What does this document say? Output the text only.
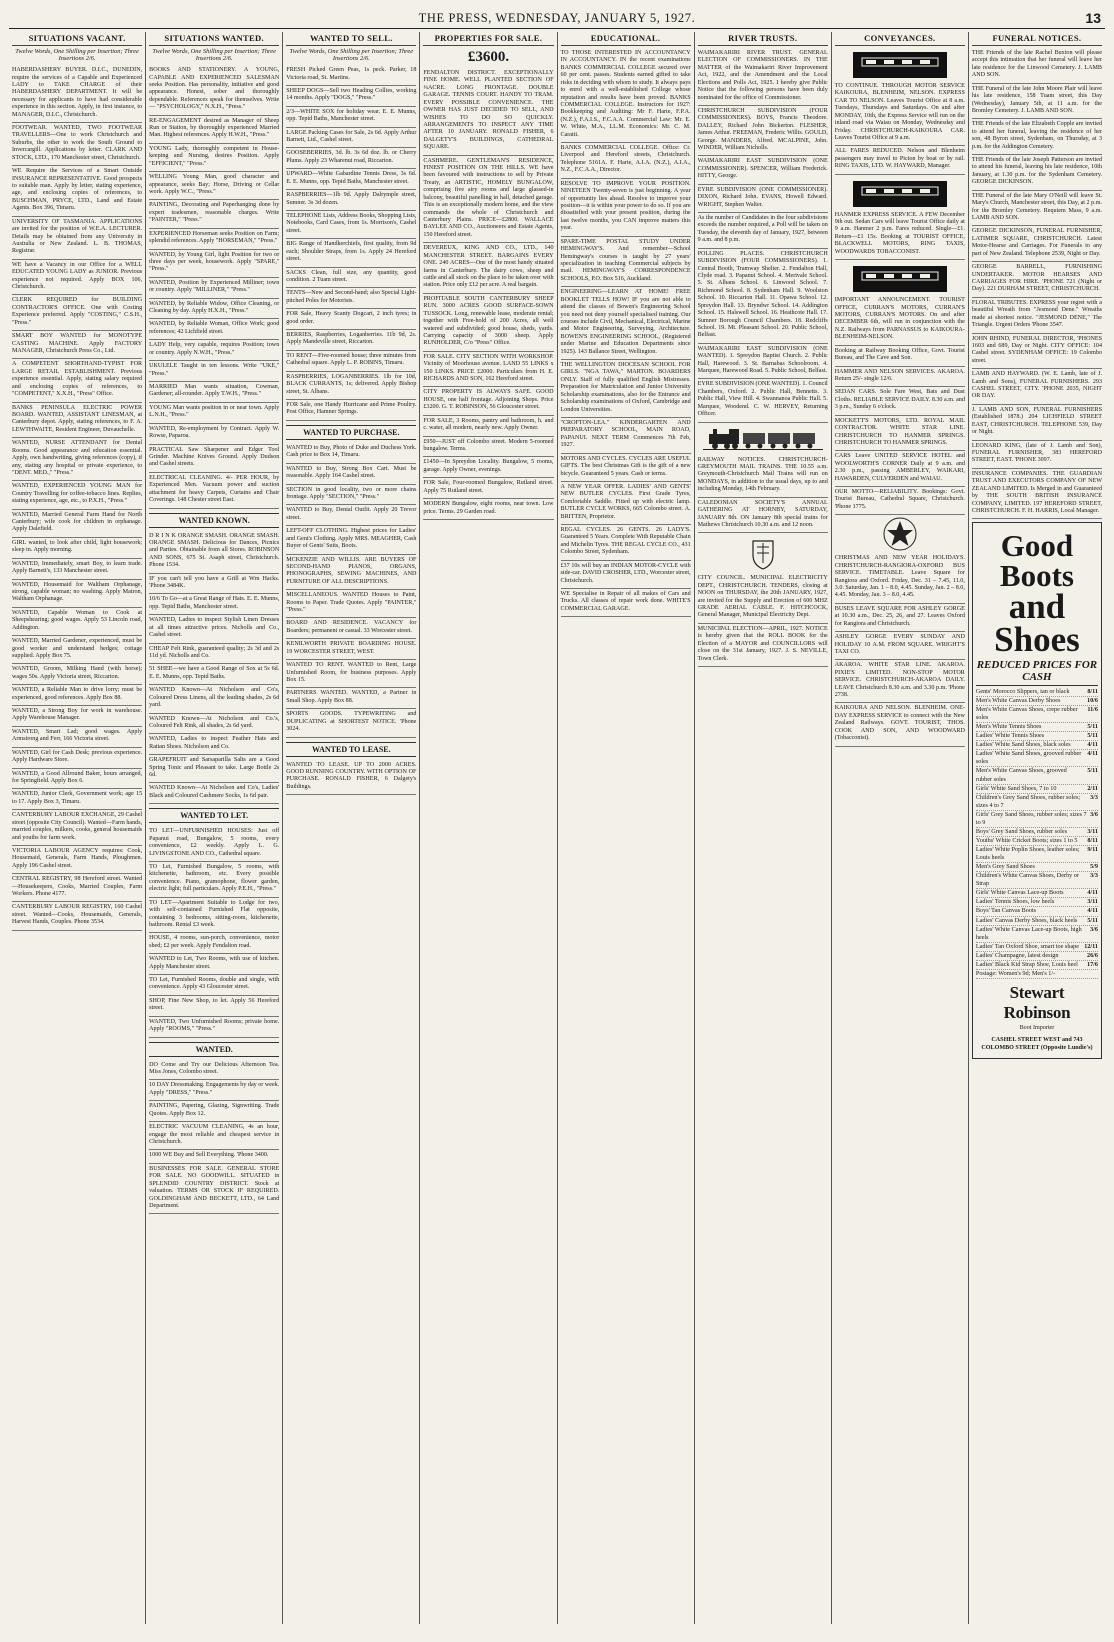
THE PRESS, WEDNESDAY, JANUARY 5, 1927.	13
SITUATIONS VACANT.
Twelve Words, One Shilling per Insertion; Three Insertions 2/6.

HABERDASHERY BUYER. D.I.C., DUNEDIN, require the services of a Capable and Experienced LADY to TAKE CHARGE of their HABERDASHERY DEPARTMENT. It will be necessary for applicants to have had considerable experience in this section. Apply, in first instance, to MANAGER, D.I.C., Christchurch.

FOOTWEAR. WANTED, TWO FOOTWEAR TRAVELLERS—One to work Christchurch and Suburbs, the other to work the South Ground to Invercargill. Applications by letter. CLARK AND STOCK, LTD., 170 Manchester street, Christchurch.

WE Require the Services of a Smart Outside INSURANCE REPRESENTATIVE. Good prospects to suitable man. Apply by letter, stating experience, age, and enclosing copies of references, to BUSCHMAN, PRYCE, LTD., Land and Estate Agents. Box 396, Timaru.

UNIVERSITY OF TASMANIA. APPLICATIONS are invited for the position of W.E.A. LECTURER. Details may be obtained from any University in Australia or New Zealand. L. B. THOMAS, Registrar.

WE have a Vacancy in our Office for a WELL EDUCATED YOUNG LADY as JUNIOR. Previous experience not required. Apply BOX 106, Christchurch.

CLERK REQUIRED for BUILDING CONTRACTOR'S OFFICE. One with Costing Experience preferred. Apply "COSTING," C.S.H., "Press."

SMART BOY WANTED for MONOTYPE CASTING MACHINE. Apply FACTORY MANAGER, Christchurch Press Co., Ltd.

A COMPETENT SHORTHAND-TYPIST FOR LARGE RETAIL ESTABLISHMENT. Previous experience essential. Apply, stating salary required and enclosing copies of references, to "COMPETENT," X.X.H., "Press" Office.

BANKS PENINSULA ELECTRIC POWER BOARD. WANTED, ASSISTANT LINESMAN, at Canterbury depot. Apply, stating references, to F. A. LEWTHWAITE, Resident Engineer, Duvauchelle.

WANTED, NURSE ATTENDANT for Dental Rooms. Good appearance and education essential. Apply, own handwriting, giving references (copy), if any, stating any hospital or private experience, to "DENT. MED.," "Press."

WANTED, EXPERIENCED YOUNG MAN for Country Travelling for coffee-tobacco lines. Replies, stating experience, age, etc., to P.X.H., "Press."

WANTED, Married General Farm Hand for North Canterbury; wife cook for children in orphanage. Apply Dalefield.

GIRL wanted, to look after child, light housework; sleep in. Apply morning.

WANTED, Immediately, smart Boy, to learn trade. Apply Barnett's, 133 Manchester street.

WANTED, Housemaid for Waltham Orphanage, strong, capable woman; no washing. Apply Matron, Waltham Orphanage.

WANTED, Capable Woman to Cook at Sheepshearing; good wages. Apply 53 Lincoln road, Addington.

WANTED, Married Gardener, experienced, must be good worker and understand hedges; cottage supplied. Apply Box 75.

WANTED, Groom, Milking Hand (with horse); wages 50s. Apply Victoria street, Riccarton.

WANTED, a Reliable Man to drive lorry; must be experienced, good references. Apply Box 88.

WANTED, a Strong Boy for work in warehouse. Apply Warehouse Manager.

WANTED, Smart Lad; good wages. Apply Armstrong and Ferr, 166 Victoria street.

WANTED, Girl for Cash Desk; previous experience. Apply Hardware Store.

WANTED, a Good Allround Baker, hours arranged, for Springfield. Apply Box 6.

WANTED, Junior Clerk, Government work; age 15 to 17. Apply Box 3, Timaru.

CANTERBURY LABOUR EXCHANGE, 29 Cashel street (opposite City Council). Wanted—Farm hands, married couples, milkers, cooks, general housemaids and youths for farm work.

VICTORIA LABOUR AGENCY requires: Cook, Housemaid, Generals, Farm Hands, Ploughmen. Apply 196 Cashel street.

CENTRAL REGISTRY, 98 Hereford street. Wanted—Housekeepers, Cooks, Married Couples, Farm Workers. Phone 4177.

CANTERBURY LABOUR REGISTRY, 160 Cashel street. Wanted—Cooks, Housemaids, Generals, Harvest Hands, Couples. Phone 3534.

SITUATIONS WANTED.
Twelve Words, One Shilling per Insertion; Three Insertions 2/6.

BOOKS AND STATIONERY. A YOUNG, CAPABLE AND EXPERIENCED SALESMAN seeks Position. Has personality, initiative and good appearance. Honest, sober and thoroughly dependable. References speak for themselves. Write— "PSYCHOLOGY," N.X.H., "Press."

RE-ENGAGEMENT desired as Manager of Sheep Run or Station, by thoroughly experienced Married Man. Highest references. Apply H.W.H., "Press."

YOUNG Lady, thoroughly competent in House-keeping and Nursing, desires Position. Apply "EFFICIENT," "Press."

WELLING Young Man, good character and appearance, seeks Bay; Horse, Driving or Cellar work. Apply W.C., "Press."

PAINTING, Decorating and Paperhanging done by expert tradesmen, reasonable charges. Write "PAINTER," "Press."

EXPERIENCED Horseman seeks Position on Farm; splendid references. Apply "HORSEMAN," "Press."

WANTED, by Young Girl, light Position for two or three days per week, housework. Apply "SPARE," "Press."

WANTED, Position by Experienced Milliner; town or country. Apply "MILLINER," "Press."

WANTED, by Reliable Widow, Office Cleaning, or Cleaning by day. Apply H.X.H., "Press."

WANTED, by Reliable Woman, Office Work; good references; 42 Lichfield street.

LADY Help, very capable, requires Position; town or country. Apply N.W.H., "Press."

UKULELE Taught in ten lessons. Write "UKE," "Press."

MARRIED Man wants situation, Cowman, Gardener; all-rounder. Apply T.W.H., "Press."

YOUNG Man wants position in or near town. Apply L.N.H., "Press."

WANTED, Re-employment by Contract. Apply W. Rowse, Paparoa.

PRACTICAL Saw Sharpener and Edger Tool Grinder. Machine Knives Ground. Apply Dudson and Cashel streets.

ELECTRICAL CLEANING. 4/- PER HOUR, by Experienced Men. Vacuum power and suction attachment for heavy Carpets, Curtains and Chair Coverings. 148 Chester street East.

WANTED KNOWN.

D R I N K ORANGE SMASH. ORANGE SMASH. ORANGE SMASH. Delicious for Dances, Picnics and Parties. Obtainable from all Stores. ROBINSON AND SONS, 675 St. Asaph street, Christchurch. Phone 1534.

IF you can't tell you have a Grill at Wm Hacks. 'Phone 3484K.

10/6 To Go—at a Great Range of Hats. E. E. Munns, opp. Tepid Baths, Manchester street.

WANTED, Ladies to inspect Stylish Linen Dresses at all times attractive prices. Nicholls and Co., Cashel street.

CHEAP Felt Rink, guaranteed quality; 2s 3d and 2s 11d yd. Nicholls and Co.

51 SHEE—we have a Good Range of Sox at 5s 6d. E. E. Munns, opp. Tepid Baths.

WANTED Known—At Nicholson and Co's, Coloured Dress Linens, all the leading shades, 2s 6d yard.

WANTED Known—At Nicholson and Co.'s, Coloured Felt Rink, all shades, 2s 6d yard.

WANTED, Ladies to inspect Feather Hats and Rattan Shoes. Nicholson and Co.

GRAPEFRUIT and Sarsaparilla Salts are a Good Spring Tonic and Pleasant to take. Large Bottle 2s 6d.

WANTED Known—At Nicholson and Co's, Ladies' Black and Coloured Cashmere Socks, 1s 6d pair.

WANTED TO LET.

TO LET—UNFURNISHED HOUSES: Just off Papanui road, Bungalow, 5 rooms, every convenience, £2 weekly. Apply L. G. LIVINGSTONE AND CO., Cathedral square.

TO Let, Furnished Bungalow, 5 rooms, with kitchenette, bathroom, etc. Every possible convenience. Piano, gramophone, flower garden, electric light; full particulars. Apply P.E.H., "Press."

TO LET—Apartment Suitable to Lodge for two, with self-contained Furnished Flat opposite, containing 3 bedrooms, sitting-room, kitchenette, bathroom. Rental £3 week.

HOUSE, 4 rooms, sun-porch, convenience, motor shed; £2 per week. Apply Fendalton road.

WANTED to Let, Two Rooms, with use of kitchen. Apply Manchester street.

TO Let, Furnished Rooms, double and single, with convenience. Apply 43 Gloucester street.

SHOP, Fine New Shop, to let. Apply 56 Hereford street.

WANTED, Two Unfurnished Rooms; private home. Apply "ROOMS," "Press."

WANTED.

DO Come and Try our Delicious Afternoon Tea. Miss Jones, Colombo street.

10 DAY Dressmaking. Engagements by day or week. Apply "DRESS," "Press."

PAINTING, Papering, Glazing, Signwriting. Trade Quotes. Apply Box 12.

ELECTRIC VACUUM CLEANING, 4s an hour, engage the most reliable and cheapest service in Christchurch.

1000 WE Buy and Sell Everything. 'Phone 3400.

BUSINESSES FOR SALE. GENERAL STORE FOR SALE. NO GOODWILL. SITUATED in SPLENDID COUNTRY DISTRICT. Stock at valuation. TERMS OR STOCK IF REQUIRED. GOLDINGHAM AND BECKETT, LTD., 64 Land Department.

WANTED TO SELL.
Twelve Words, One Shilling per Insertion; Three Insertions 2/6.

FRESH Picked Green Peas, 1s peck. Parker, 18 Victoria road, St. Martins.

SHEEP DOGS—Sell two Heading Collies, working 14 months. Apply "DOGS," "Press."

2/3—WHITE SOX for holiday wear. E. E. Munns, opp. Tepid Baths, Manchester street.

LARGE Packing Cases for Sale, 2s 6d. Apply Arthur Barnett, Ltd., Cashel street.

GOOSEBERRIES, 3d. lb. 3s 6d doz. lb. or Cherry Plums. Apply 23 Wharenui road, Riccarton.

UPWARD—White Gabardine Tennis Dress, 3s 6d. E. E. Munns, opp. Tepid Baths, Manchester street.

RASPBERRIES—1lb 9d. Apply Dalrymple street, Sumner. 3s 3d dozen.

TELEPHONE Lists, Address Books, Shopping Lists, Notebooks, Card Cases, from 1s. Morrison's, Cashel street.

BIG Range of Handkerchiefs, first quality, from 9d each; Shoulder Straps, from 1s. Apply 24 Hereford street.

SACKS Clean, full size, any quantity, good condition. 2 Tuam street.

TENTS—New and Second-hand; also Special Light-pitched Poles for Motorists.

FOR Sale, Heavy Scanty Dogcart, 2 inch tyres; in good order.

BERRIES, Raspberries, Loganberries. 11b 9d, 2s. Apply Mandeville street, Riccarton.

TO RENT—Five-roomed house; three minutes from Cathedral square. Apply L. P. ROBINS, Timaru.

RASPBERRIES, LOGANBERRIES. 1lb for 10d, BLACK CURRANTS, 1s; delivered. Apply Bishop street, St. Albans.

FOR Sale, one Handy Hurricane and Prime Poultry. Post Office, Hamner Springs.

WANTED TO PURCHASE.

WANTED to Buy, Photo of Duke and Duchess York. Cash price to Box 14, Timaru.

WANTED to Buy, Strong Box Cart. Must be reasonable. Apply 164 Cashel street.

SECTION in good locality, two or more chains frontage. Apply "SECTION," "Press."

WANTED to Buy, Dental Outfit. Apply 20 Trevor street.

LEFT-OFF CLOTHING. Highest prices for Ladies' and Gent's Clothing. Apply MRS. MEAGHER, Cash Buyer of Gents' Suits, Boots.

MCKENZIE AND WILLIS. ARE BUYERS OF SECOND-HAND PIANOS, ORGANS, PHONOGRAPHS, SEWING MACHINES, AND FURNITURE OF ALL DESCRIPTIONS.

MISCELLANEOUS. WANTED Houses to Paint, Rooms to Paper. Trade Quotes. Apply "PAINTER," "Press."

BOARD AND RESIDENCE. VACANCY for Boarders; permanent or casual. 33 Worcester street.

KENILWORTH PRIVATE BOARDING HOUSE. 19 WORCESTER STREET, WEST.

WANTED TO RENT. WANTED to Rent, Large Unfurnished Room, for business purposes. Apply Box 15.

PARTNERS WANTED. WANTED, a Partner in Small Shop. Apply Box 88.

SPORTS GOODS. TYPEWRITING and DUPLICATING at SHORTEST NOTICE. 'Phone 3024.

WANTED TO LEASE.

WANTED TO LEASE. UP TO 2000 ACRES. GOOD RUNNING COUNTRY. WITH OPTION OF PURCHASE. RONALD FISHER, 6 Dalgety's Buildings.

PROPERTIES FOR SALE.
£3600.

FENDALTON DISTRICT. EXCEPTIONALLY FINE HOME. WELL PLANTED SECTION OF ¼ACRE. LONG FRONTAGE. DOUBLE GARAGE. TENNIS COURT. HANDY TO TRAM. EVERY POSSIBLE CONVENIENCE. THE OWNER HAS JUST DECIDED TO SELL, AND WISHES TO DO SO QUICKLY. ARRANGEMENTS TO INSPECT ANY TIME AFTER 10 JANUARY. RONALD FISHER, 6 DALGETY'S BUILDINGS, CATHEDRAL SQUARE.

CASHMERE. GENTLEMAN'S RESIDENCE, FINEST POSITION ON THE HILLS. WE have been favoured with instructions to sell by Private Treaty, an ARTISTIC, HOMELY BUNGALOW, comprising five airy rooms and large glassed-in balcony, beautiful panelling in hall, detached garage. This is an exceptionally modern home, and the view commands the whole of Christchurch and Canterbury Plains. PRICE—£2800. WALLACE BAYLEE AND CO., Auctioneers and Estate Agents, 150 Hereford street.

DEVEREUX, KING AND CO., LTD., 140 MANCHESTER STREET. BARGAINS EVERY ONE. 240 ACRES—One of the most handy situated farms in Canterbury. The dairy cows, sheep and cattle and all stock on the place to be taken over with station. Price only £12 per acre. A real bargain.

PROFITABLE SOUTH CANTERBURY SHEEP RUN. 3000 ACRES GOOD SURFACE-SOWN TUSSOCK. Long, renewable lease, moderate rental; together with Free-hold of 200 Acres, all well watered and subdivided; good house, sheds, yards. Carrying capacity of 3000 sheep. Apply RUNHOLDER, C/o "Press" Office.

FOR SALE. CITY SECTION WITH WORKSHOP. Vicinity of Moorhouse avenue. LAND 55 LINKS x 150 LINKS. PRICE £2000. Particulars from H. E. RICHARDS AND SON, 162 Hereford street.

CITY PROPERTY IS ALWAYS SAFE. GOOD HOUSE, one half frontage. Adjoining Shops. Price £3200. G. T. ROBINSON, 56 Gloucester street.

FOR SALE, 3 Rooms, pantry and bathroom, h. and c. water, all modern, nearly new. Apply Owner.

£950—JUST off Colombo street. Modern 5-roomed bungalow. Terms.

£1450—In Spreydon Locality. Bungalow, 5 rooms, garage. Apply Owner, evenings.

FOR Sale, Four-roomed Bungalow, Rutland street. Apply 75 Rutland street.

MODERN Bungalow, eight rooms, near town. Low price. Terms. 29 Garden road.

EDUCATIONAL.

TO THOSE INTERESTED IN ACCOUNTANCY IN ACCOUNTANCY. IN the recent examinations BANKS COMMERCIAL COLLEGE secured over 60 per cent. passes. Students earned gifted to take risks in deciding with whom to study. It always pays to enrol with a well-established College whose reputation and results have been proved. BANKS COMMERCIAL COLLEGE. Instructors for 1927: Bookkeeping and Auditing: Mr F. Harte, F.P.A. (N.Z.), F.A.I.S., F.C.A.A. Commercial Law: Mr. E. W. White, M.A., LL.M. Economics: Mr. C. M. Caratti.

BANKS COMMERCIAL COLLEGE. Office: Cr. Liverpool and Hereford streets, Christchurch. Telephone 5161A. F. Harte, A.I.A. (N.Z.), A.I.A., N.Z., F.C.A.A., Director.

RESOLVE TO IMPROVE YOUR POSITION. NINETEEN Twenty-seven is just beginning. A year of opportunity lies ahead. Resolve to improve your position—it is within your power to do so. If you are dissatisfied with your present position, during the last twelve months, you CAN improve matters this year.

SPARE-TIME POSTAL STUDY UNDER HEMINGWAY'S. And remember—School Hemingway's courses is taught by 27 years' specialization in teaching Commercial subjects by mail. HEMINGWAY'S CORRESPONDENCE SCHOOLS, P.O. Box 516, Auckland.

ENGINEERING—LEARN AT HOME! FREE BOOKLET TELLS HOW! IF you are not able to attend the classes of Bowen's Engineering School you need not deny yourself specialised training. Our courses include Civil, Mechanical, Electrical, Marine and Motor Engineering, Surveying, Architecture. BOWEN'S ENGINEERING SCHOOL, (Registered under Marine and Education Departments since 1925). 143 Ballance Street, Wellington.

THE WELLINGTON DIOCESAN SCHOOL FOR GIRLS. "NGA TAWA," MARTON. BOARDERS ONLY. Staff of fully qualified English Mistresses. Preparation for Matriculation and Junior University Scholarship examinations, also for the Entrance and Scholarship examinations of Oxford, Cambridge and London Universities.

"CROFTON-LEA." KINDERGARTEN AND PREPARATORY SCHOOL, MAIN ROAD, PAPANUI. NEXT TERM Commences 7th Feb, 1927.

MOTORS AND CYCLES. CYCLES ARE USEFUL GIFTS. The best Christmas Gift is the gift of a new bicycle. Guaranteed 5 years. Cash or terms.

A NEW YEAR OFFER. LADIES' AND GENTS' NEW BUTLER CYCLES. First Grade Tyres, Comfortable Saddle. Fitted up with electric lamp. BUTLER CYCLE WORKS, 665 Colombo street. A. BRITTEN, Proprietor.

REGAL CYCLES. 26 GENTS. 26 LADY'S. Guaranteed 5 Years. Complete With Reputable Chain and Michelin Tyres. THE REGAL CYCLE CO., 431 Colombo Street, Sydenham.

£37 10s will buy an INDIAN MOTOR-CYCLE with side-car. DAVID CROSHER, LTD., Worcester street, Christchurch.

WE Specialise in Repair of all makes of Cars and Trucks. All classes of repair work done. WHITE'S COMMERCIAL GARAGE.

RIVER TRUSTS.

WAIMAKARIRI RIVER TRUST. GENERAL ELECTION OF COMMISSIONERS. IN THE MATTER of the Waimakariri River Improvement Act, 1922, and the Amendment and the Local Elections and Polls Act, 1925. I hereby give Public Notice that the following persons have been duly nominated for the office of Commissioner.

CHRISTCHURCH SUBDIVISION (FOUR COMMISSIONERS). BOYS, Francis Theodore. DALLEY, Richard John Bickerton. FLESHER, James Arthur. FREEMAN, Frederic Willis. GOULD, George. MANDERS, Alfred. MCALPINE, John. WINDER, William Nicholls.

WAIMAKARIRI EAST SUBDIVISION (ONE COMMISSIONER). SPENCER, William Frederick. HITTY, George.

EYRE SUBDIVISION (ONE COMMISSIONER). DIXON, Richard John. EVANS, Howell Edward. WRIGHT, Stephen Walter.

As the number of Candidates in the four subdivisions exceeds the number required, a Poll will be taken on Tuesday, the eleventh day of January, 1927, between 9 a.m. and 8 p.m.

POLLING PLACES. CHRISTCHURCH SUBDIVISION (FOUR COMMISSIONERS). 1. Central Booth, Tramway Shelter. 2. Fendalton Hall, Clyde road. 3. Papanui School. 4. Merivale School. 5. St. Albans School. 6. Linwood School. 7. Richmond School. 8. Sydenham Hall. 9. Woolston School. 10. Riccarton Hall. 11. Opawa School. 12. Spreydon Hall. 13. Bryndwr School. 14. Addington School. 15. Halswell School. 16. Heathcote Hall. 17. Sumner Borough Council Chambers. 18. Redcliffs School. 19. Mt. Pleasant School. 20. Public School, Belfast.

WAIMAKARIRI EAST SUBDIVISION (ONE WANTED). 1. Spreydon Baptist Church. 2. Public Hall, Harewood. 3. St. Barnabas Schoolroom. 4. Marquee, Harewood Road. 5. Public School, Belfast.

EYRE SUBDIVISION (ONE WANTED). 1. Council Chambers, Oxford. 2. Public Hall, Bennetts. 3. Public Hall, View Hill. 4. Swannanoa Public Hall. 5. Marquee, Woodend. C. W. HERVEY, Returning Officer.

RAILWAY NOTICES. CHRISTCHURCH-GREYMOUTH MAIL TRAINS. THE 10.55 a.m. Greymouth-Christchurch Mail Trains will run on MONDAYS, in addition to the usual days, up to and including Monday, 14th February.

CALEDONIAN SOCIETY'S ANNUAL GATHERING AT HORNBY, SATURDAY, JANUARY 8th. ON January 8th special trains for Mathews Christchurch 10.30 a.m. and 12 noon.

CITY COUNCIL. MUNICIPAL ELECTRICITY DEPT., CHRISTCHURCH. TENDERS, closing at NOON on THURSDAY, the 20th JANUARY, 1927, are invited for the Supply and Erection of 600 MHZ GRADE AERIAL CABLE. F. HITCHCOCK, General Manager, Municipal Electricity Dept.

MUNICIPAL ELECTION—APRIL, 1927. NOTICE is hereby given that the ROLL BOOK for the Election of a MAYOR and COUNCILLORS will close on the 31st January, 1927. J. S. NEVILLE, Town Clerk.

CONVEYANCES.

TO CONTINUE. THROUGH MOTOR SERVICE KAIKOURA, BLENHEIM, NELSON. EXPRESS CAR TO NELSON. Leaves Tourist Office at 8 a.m. Tuesdays, Thursdays and Saturdays. On and after MONDAY, 10th, the Express Service will run on the inland road via Waiau on Monday, Wednesday and Friday. CHRISTCHURCH-KAIKOURA CAR. Leaves Tourist Office at 9 a.m.

ALL FARES REDUCED. Nelson and Blenheim passengers may travel to Picton by boat or by rail. RING TAXIS, LTD. W. HAYWARD, Manager.

HANMER EXPRESS SERVICE. A FEW December 9th out. Sedan Cars will leave Tourist Office daily at 9 a.m. Hanmer 2 p.m. Fares reduced. Single—£1. Return—£1 15s. Booking at TOURIST OFFICE, BLACKWELL MOTORS, RING TAXIS, WOODWARDS TOBACCONIST.

IMPORTANT ANNOUNCEMENT. TOURIST OFFICE, CURRAN'S MOTORS, CURRAN'S MOTORS, CURRAN'S MOTORS. On and after DECEMBER 6th, will run in conjunction with the N.Z. Railways from PARNASSUS to KAIKOURA-BLENHEIM-NELSON.

Booking at Railway Booking Office, Govt. Tourist Bureau, and The Cave and Son.

HAMMER AND NELSON SERVICES. AKAROA. Return 25/- single 12/6.

SEDAN CARS. Sole Fare West, Bats and Dust Cloths. RELIABLE SERVICE DAILY. 8.30 a.m. and 3 p.m., Sunday 6 o'clock.

MOCKETT'S MOTORS, LTD. ROYAL MAIL CONTRACTOR. WHITE STAR LINE. CHRISTCHURCH TO HANMER SPRINGS. CHRISTCHURCH TO HANMER SPRINGS.

CARS Leave UNITED SERVICE HOTEL and WOOLWORTH'S CORNER Daily at 9 a.m. and 2.30 p.m., passing AMBERLEY, WAIKARI, HAWARDEN, CULVERDEN and WAIAU.

OUR MOTTO—RELIABILITY. Bookings: Govt. Tourist Bureau, Cathedral Square, Christchurch. 'Phone 1775.

CHRISTMAS AND NEW YEAR HOLIDAYS. CHRISTCHURCH-RANGIORA-OXFORD BUS SERVICE. TIMETABLE. Leave Square for Rangiora and Oxford. Friday, Dec. 31 – 7.45, 11.0, 3.0. Saturday, Jan. 1 – 8.0, 4.45. Sunday, Jan. 2 – 8.0, 4.45. Monday, Jan. 3 – 8.0, 4.45.

BUSES LEAVE SQUARE FOR ASHLEY GORGE at 10.30 a.m., Dec. 25, 26, and 27. Leaves Oxford for Rangiora and Christchurch.

ASHLEY GORGE EVERY SUNDAY AND HOLIDAY 10 A.M. FROM SQUARE. WRIGHT'S TAXI CO.

AKAROA. WHITE STAR LINE. AKAROA. PIXIE'S LIMITED. NON-STOP MOTOR SERVICE. CHRISTCHURCH-AKAROA DAILY. LEAVE Christchurch 8.30 a.m. and 3.30 p.m. 'Phone 2738.

KAIKOURA AND NELSON. BLENHEIM. ONE-DAY EXPRESS SERVICE to connect with the New Zealand Railways. GOVT. TOURIST, THOS. COOK AND SON, AND WOODWARD (Tobacconist).

FUNERAL NOTICES.

THE Friends of the late Rachel Buxton will please accept this intimation that her funeral will leave her late residence for the Linwood Cemetery. J. LAMB AND SON.

THE Funeral of the late John Moore Plair will leave his late residence, 158 Tuam street, this Day (Wednesday), January 5th, at 11 a.m. for the Bromley Cemetery. J. LAMB AND SON.

THE Friends of the late Elizabeth Copple are invited to attend her funeral, leaving the residence of her son, 48 Byron street, Sydenham, on Thursday, at 3 p.m. for the Addington Cemetery.

THE Friends of the late Joseph Patterson are invited to attend his funeral, leaving his late residence, 10th January, at 1.30 p.m. for the Sydenham Cemetery. GEORGE DICKINSON.

THE Funeral of the late Mary O'Neill will leave St. Mary's Church, Manchester street, this Day, at 2 p.m. for the Bromley Cemetery. Requiem Mass, 9 a.m. LAMB AND SON.

GEORGE DICKINSON, FUNERAL FURNISHER, LATIMER SQUARE, CHRISTCHURCH. Latest Motor-Hearse and Carriages. For Funerals to any part of New Zealand. Telephone 2539, Night or Day.

GEORGE BARRELL, FURNISHING UNDERTAKER. MOTOR HEARSES AND CARRIAGES FOR HIRE. 'PHONE 721 (Night or Day). 221 DURHAM STREET, CHRISTCHURCH.

FLORAL TRIBUTES. EXPRESS your regret with a beautiful Wreath from "Jesmond Dene." Wreaths made at shortest notice. "JESMOND DENE," The Triangle. Urgent Orders 'Phone 3547.

JOHN RHIND, FUNERAL DIRECTOR, 'PHONES 1603 and 689, Day or Night. CITY OFFICE: 104 Cashel street. SYDENHAM OFFICE: 19 Colombo street.

LAMB AND HAYWARD. (W. E. Lamb, late of J. Lamb and Sons), FUNERAL FURNISHERS. 293 CASHEL STREET, CITY. 'PHONE 2035, NIGHT OR DAY.

J. LAMB AND SON, FUNERAL FURNISHERS (Established 1878.) 204 LICHFIELD STREET EAST, CHRISTCHURCH. TELEPHONE 539, Day or Night.

LEONARD KING, (late of J. Lamb and Son), FUNERAL FURNISHER, 383 HEREFORD STREET, EAST. 'PHONE 3097.

INSURANCE COMPANIES. THE GUARDIAN TRUST AND EXECUTORS COMPANY OF NEW ZEALAND LIMITED. Is Merged in and Guaranteed by THE SOUTH BRITISH INSURANCE COMPANY, LIMITED. 197 HEREFORD STREET, CHRISTCHURCH. F. H. HARRIS, Local Manager.

Good Boots
and Shoes
REDUCED PRICES FOR CASH
Gents' Morocco Slippers, tan or black	8/11
Men's White Canvas Derby Shoes	10/6
Men's White Canvas Shoes, crepe rubber soles
11/6
Men's White Tennis Shoes	5/11
Ladies' White Tennis Shoes	5/11
Ladies' White Sand Shoes, black soles	4/11
Ladies' White Sand Shoes, grooved rubber soles
4/11
Men's White Canvas Shoes, grooved rubber soles
5/11
Girls' White Sand Shoes, 7 to 10	2/11
Children's Grey Sand Shoes, rubber soles; sizes 4 to 7
3/3
Girls' Grey Sand Shoes, rubber soles; sizes 7 to 9
3/6
Boys' Grey Sand Shoes, rubber soles	3/11
Youths' White Cricket Boots; sizes 1 to 5 8/11
Ladies' White Poplin Shoes, leather soles; Louis heels
9/11
Men's Grey Sand Shoes	5/9
Children's White Canvas Shoes, Derby or Strap
3/3
Girls' White Canvas Lace-up Boots	4/11
Ladies' Tennis Shoes, low heels	3/11
Boys' Tan Canvas Boots	4/11
Ladies' Canvas Derby Shoes, black heels 5/11
Ladies' White Canvas Lace-up Boots, high heels
3/6
Ladies' Tan Oxford Shoe, smart toe shape 12/11
Ladies' Champagne, latest design	26/6
Ladies' Black Kid Strap Shoe, Louis heel 17/6
Postage: Women's 9d; Men's 1/-
Stewart Robinson
Boot Importer
CASHEL STREET WEST and 743 COLOMBO STREET (Opposite Lundie's)
